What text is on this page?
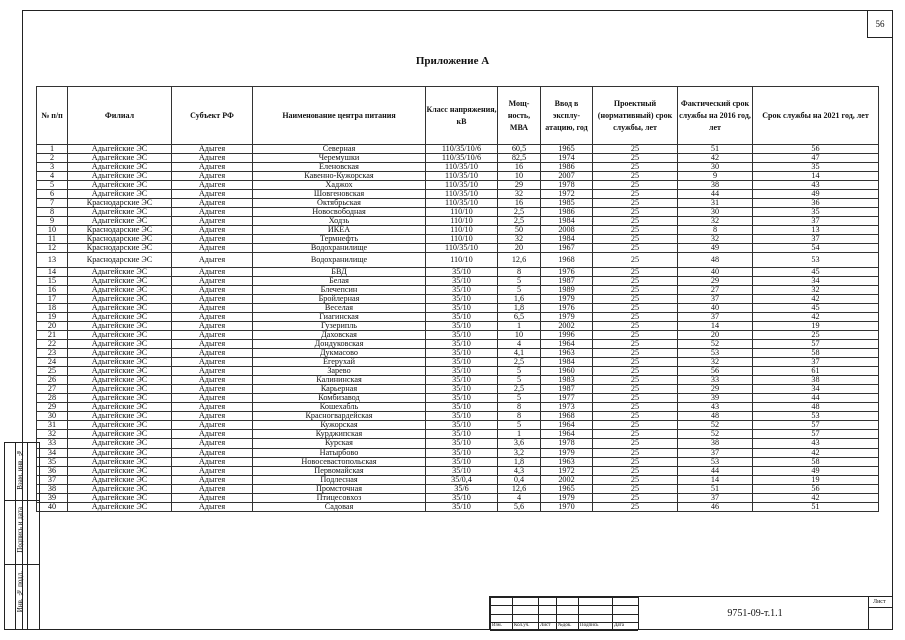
56
Приложение А
№ п/п	Филиал	Субъект РФ	Наименование центра питания	Класс напряжения, кВ	Мощ-ность, МВА	Ввод в эксплу-атацию, год	Проектный (нормативный) срок службы, лет	Фактический срок службы на 2016 год, лет	Срок службы на 2021 год, лет
1	Адыгейские ЭС	Адыгея	Северная	110/35/10/6	60,5	1965	25	51	56
2	Адыгейские ЭС	Адыгея	Черемушки	110/35/10/6	82,5	1974	25	42	47
3	Адыгейские ЭС	Адыгея	Еленовская	110/35/10	16	1986	25	30	35
4	Адыгейские ЭС	Адыгея	Кавенно-Кужорская	110/35/10	10	2007	25	9	14
5	Адыгейские ЭС	Адыгея	Хаджох	110/35/10	29	1978	25	38	43
6	Адыгейские ЭС	Адыгея	Шовгеновская	110/35/10	32	1972	25	44	49
7	Краснодарские ЭС	Адыгея	Октябрьская	110/35/10	16	1985	25	31	36
8	Адыгейские ЭС	Адыгея	Новосвободная	110/10	2,5	1986	25	30	35
9	Адыгейские ЭС	Адыгея	Ходзь	110/10	2,5	1984	25	32	37
10	Краснодарские ЭС	Адыгея	ИКЕА	110/10	50	2008	25	8	13
11	Краснодарские ЭС	Адыгея	Термнефть	110/10	32	1984	25	32	37
12	Краснодарские ЭС	Адыгея	Водохранилище	110/35/10	20	1967	25	49	54
13	Краснодарские ЭС	Адыгея	Водохранилище	110/10	12,6	1968	25	48	53
14	Адыгейские ЭС	Адыгея	БВД	35/10	8	1976	25	40	45
15	Адыгейские ЭС	Адыгея	Белая	35/10	5	1987	25	29	34
16	Адыгейские ЭС	Адыгея	Блечепсин	35/10	5	1989	25	27	32
17	Адыгейские ЭС	Адыгея	Бройлерная	35/10	1,6	1979	25	37	42
18	Адыгейские ЭС	Адыгея	Веселая	35/10	1,8	1976	25	40	45
19	Адыгейские ЭС	Адыгея	Гиагинская	35/10	6,5	1979	25	37	42
20	Адыгейские ЭС	Адыгея	Гузерипль	35/10	1	2002	25	14	19
21	Адыгейские ЭС	Адыгея	Даховская	35/10	10	1996	25	20	25
22	Адыгейские ЭС	Адыгея	Дондуковская	35/10	4	1964	25	52	57
23	Адыгейские ЭС	Адыгея	Дукмасово	35/10	4,1	1963	25	53	58
24	Адыгейские ЭС	Адыгея	Егерухай	35/10	2,5	1984	25	32	37
25	Адыгейские ЭС	Адыгея	Зарево	35/10	5	1960	25	56	61
26	Адыгейские ЭС	Адыгея	Калининская	35/10	5	1983	25	33	38
27	Адыгейские ЭС	Адыгея	Карьерная	35/10	2,5	1987	25	29	34
28	Адыгейские ЭС	Адыгея	Комбизавод	35/10	5	1977	25	39	44
29	Адыгейские ЭС	Адыгея	Кошехабль	35/10	8	1973	25	43	48
30	Адыгейские ЭС	Адыгея	Красногвардейская	35/10	8	1968	25	48	53
31	Адыгейские ЭС	Адыгея	Кужорская	35/10	5	1964	25	52	57
32	Адыгейские ЭС	Адыгея	Курджипская	35/10	1	1964	25	52	57
33	Адыгейские ЭС	Адыгея	Курская	35/10	3,6	1978	25	38	43
34	Адыгейские ЭС	Адыгея	Натырбово	35/10	3,2	1979	25	37	42
35	Адыгейские ЭС	Адыгея	Новосевастопольская	35/10	1,8	1963	25	53	58
36	Адыгейские ЭС	Адыгея	Первомайская	35/10	4,3	1972	25	44	49
37	Адыгейские ЭС	Адыгея	Подлесная	35/0,4	0,4	2002	25	14	19
38	Адыгейские ЭС	Адыгея	Промсточная	35/6	12,6	1965	25	51	56
39	Адыгейские ЭС	Адыгея	Птицесовхоз	35/10	4	1979	25	37	42
40	Адыгейские ЭС	Адыгея	Садовая	35/10	5,6	1970	25	46	51
Инв. № подл.
Подпись и дата
Взам. инв. №
Изм. Кол.уч. Лист №док. Подпись	Дата
9751-09-т.1.1
Лист
